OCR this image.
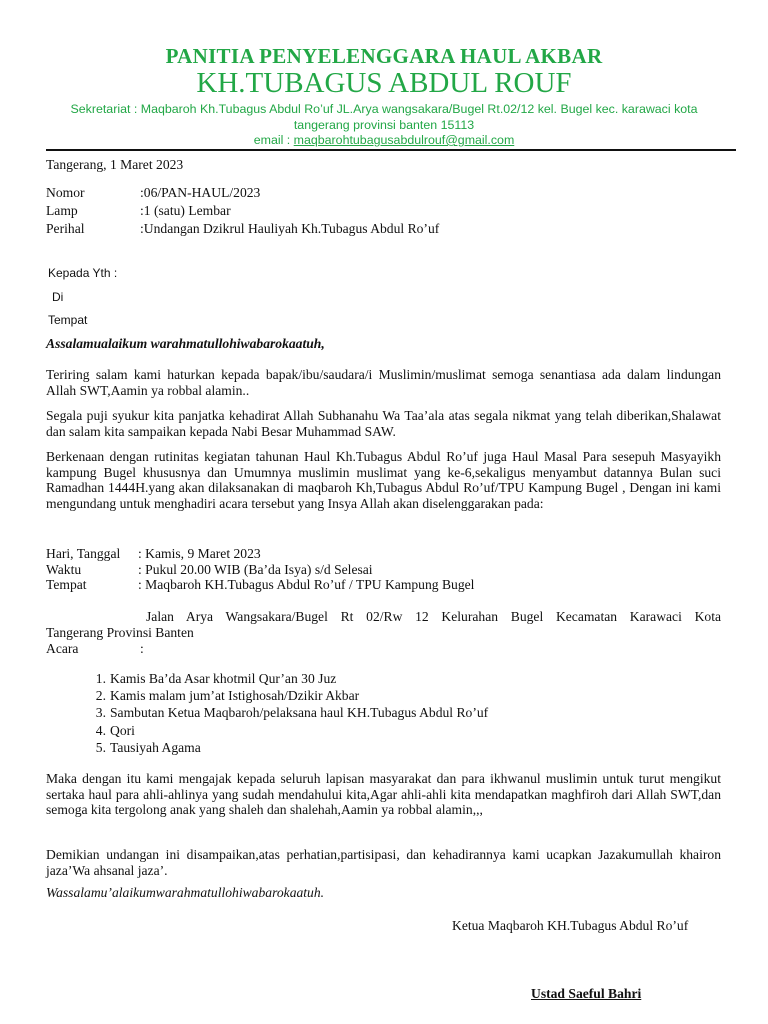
PANITIA PENYELENGGARA HAUL AKBAR
KH.TUBAGUS ABDUL ROUF
Sekretariat : Maqbaroh Kh.Tubagus Abdul Ro’uf JL.Arya wangsakara/Bugel Rt.02/12 kel. Bugel kec. karawaci kota
tangerang provinsi banten 15113
email : maqbarohtubagusabdulrouf@gmail.com
Tangerang, 1 Maret 2023
Nomor	:06/PAN-HAUL/2023
Lamp	:1 (satu) Lembar
Perihal	:Undangan Dzikrul Hauliyah Kh.Tubagus Abdul Ro’uf
Kepada Yth :
Di
Tempat
Assalamualaikum warahmatullohiwabarokaatuh,
Teriring salam kami haturkan kepada bapak/ibu/saudara/i Muslimin/muslimat semoga senantiasa ada dalam lindungan Allah SWT,Aamin ya robbal alamin..
Segala puji syukur kita panjatka kehadirat Allah Subhanahu Wa Taa’ala atas segala nikmat yang telah diberikan,Shalawat dan salam kita sampaikan kepada Nabi Besar Muhammad SAW.
Berkenaan dengan rutinitas kegiatan tahunan Haul Kh.Tubagus Abdul Ro’uf juga Haul Masal Para sesepuh Masyayikh kampung Bugel khususnya dan Umumnya muslimin muslimat yang ke-6,sekaligus menyambut datannya Bulan suci Ramadhan 1444H.yang akan dilaksanakan di maqbaroh Kh,Tubagus Abdul Ro’uf/TPU Kampung Bugel , Dengan ini kami mengundang untuk menghadiri acara tersebut yang Insya Allah akan diselenggarakan pada:
Hari, Tanggal : Kamis, 9 Maret 2023
Waktu	: Pukul 20.00 WIB (Ba’da Isya) s/d Selesai
Tempat	: Maqbaroh KH.Tubagus Abdul Ro’uf / TPU Kampung Bugel
Jalan Arya Wangsakara/Bugel Rt 02/Rw 12 Kelurahan Bugel Kecamatan Karawaci Kota
Tangerang Provinsi Banten
Acara	:
1. Kamis Ba’da Asar khotmil Qur’an 30 Juz
2. Kamis malam jum’at Istighosah/Dzikir Akbar
3. Sambutan Ketua Maqbaroh/pelaksana haul KH.Tubagus Abdul Ro’uf
4. Qori
5. Tausiyah Agama
Maka dengan itu kami mengajak kepada seluruh lapisan masyarakat dan para ikhwanul muslimin untuk turut mengikut sertaka haul para ahli-ahlinya yang sudah mendahului kita,Agar ahli-ahli kita mendapatkan maghfiroh dari Allah SWT,dan semoga kita tergolong anak yang shaleh dan shalehah,Aamin ya robbal alamin,,,
Demikian undangan ini disampaikan,atas perhatian,partisipasi, dan kehadirannya kami ucapkan Jazakumullah khairon jaza’Wa ahsanal jaza’.
Wassalamu’alaikumwarahmatullohiwabarokaatuh.
Ketua Maqbaroh KH.Tubagus Abdul Ro’uf
Ustad Saeful Bahri
